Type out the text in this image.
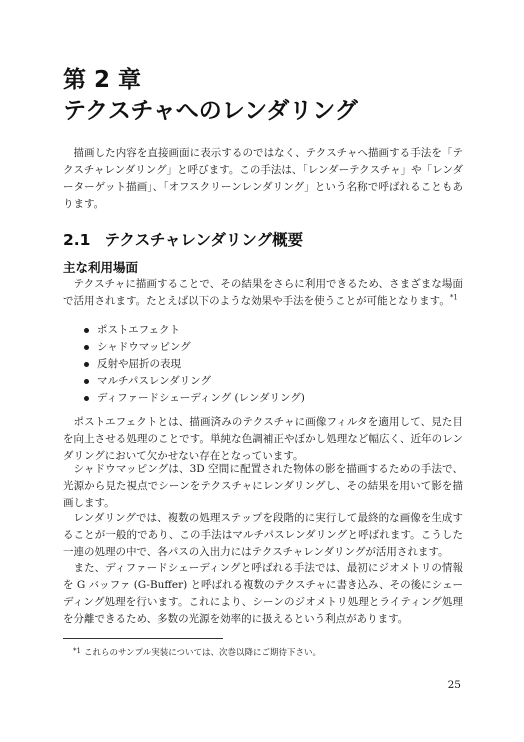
第 2 章
テクスチャへのレンダリング

描画した内容を直接画面に表示するのではなく、テクスチャへ描画する手法を「テクスチャレンダリング」と呼びます。この手法は、「レンダーテクスチャ」や「レンダーターゲット描画」、「オフスクリーンレンダリング」という名称で呼ばれることもあります。

2.1 テクスチャレンダリング概要
主な利用場面

テクスチャに描画することで、その結果をさらに利用できるため、さまざまな場面で活用されます。たとえば以下のような効果や手法を使うことが可能となります。$^{*1}$

ポストエフェクト
シャドウマッピング
反射や屈折の表現
マルチパスレンダリング
ディファードシェーディング (レンダリング)

ポストエフェクトとは、描画済みのテクスチャに画像フィルタを適用して、見た目を向上させる処理のことです。単純な色調補正やぼかし処理など幅広く、近年のレンダリングにおいて欠かせない存在となっています。

シャドウマッピングは、3D 空間に配置された物体の影を描画するための手法で、光源から見た視点でシーンをテクスチャにレンダリングし、その結果を用いて影を描画します。

レンダリングでは、複数の処理ステップを段階的に実行して最終的な画像を生成することが一般的であり、この手法はマルチパスレンダリングと呼ばれます。こうした一連の処理の中で、各パスの入出力にはテクスチャレンダリングが活用されます。

また、ディファードシェーディングと呼ばれる手法では、最初にジオメトリの情報を G バッファ (G-Buffer) と呼ばれる複数のテクスチャに書き込み、その後にシェーディング処理を行います。これにより、シーンのジオメトリ処理とライティング処理を分離できるため、多数の光源を効率的に扱えるという利点があります。

$^{*1}$ これらのサンプル実装については、次巻以降にご期待下さい。

25
